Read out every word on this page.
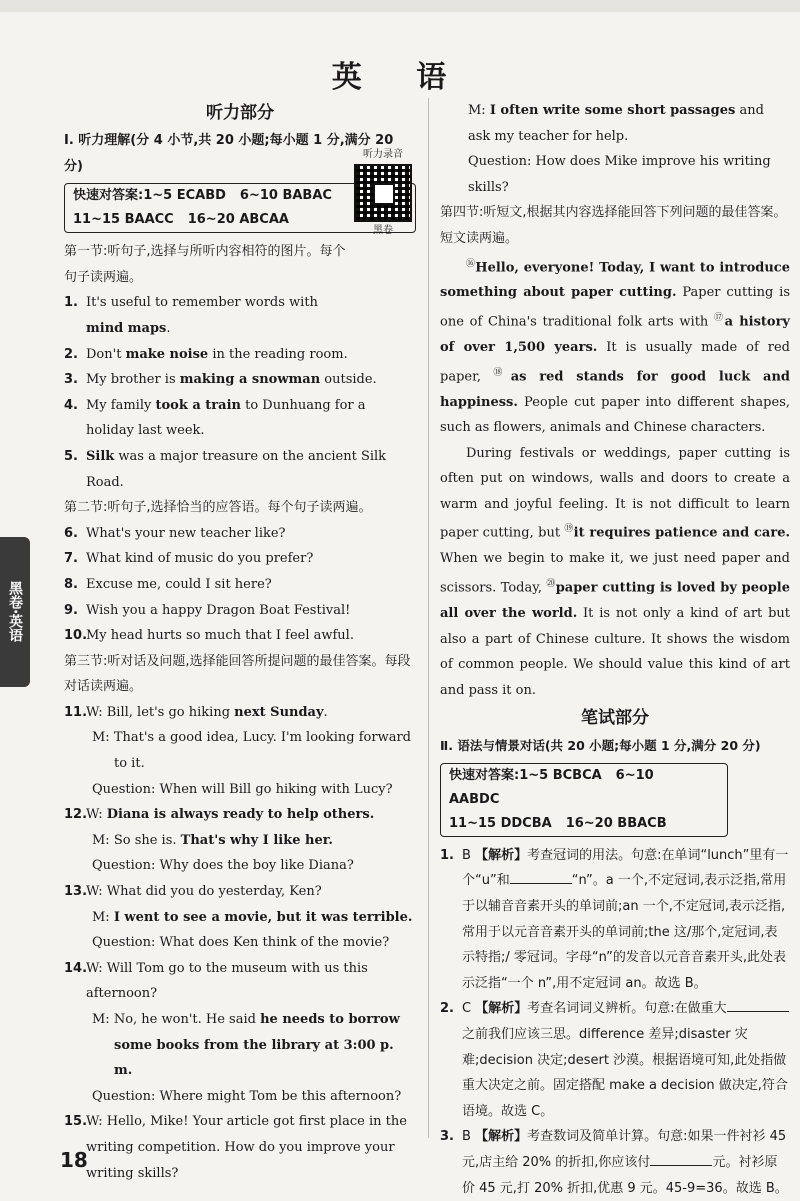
英 语
听力部分
Ⅰ. 听力理解(分 4 小节,共 20 小题;每小题 1 分,满分 20 分)
快速对答案:1~5 ECABD 6~10 BABAC
11~15 BAACC 16~20 ABCAA
第一节:听句子,选择与所听内容相符的图片。每个句子读两遍。
1. It's useful to remember words with mind maps.
2. Don't make noise in the reading room.
3. My brother is making a snowman outside.
4. My family took a train to Dunhuang for a holiday last week.
5. Silk was a major treasure on the ancient Silk Road.
第二节:听句子,选择恰当的应答语。每个句子读两遍。
6. What's your new teacher like?
7. What kind of music do you prefer?
8. Excuse me, could I sit here?
9. Wish you a happy Dragon Boat Festival!
10.
My head hurts so much that I feel awful.
第三节:听对话及问题,选择能回答所提问题的最佳答案。每段对话读两遍。
11.
W: Bill, let's go hiking next Sunday.
M: That's a good idea, Lucy. I'm looking forward to it.
Question: When will Bill go hiking with Lucy?
12.
W: Diana is always ready to help others.
M: So she is. That's why I like her.
Question: Why does the boy like Diana?
13.
W: What did you do yesterday, Ken?
M: I went to see a movie, but it was terrible.
Question: What does Ken think of the movie?
14.
W: Will Tom go to the museum with us this afternoon?
M: No, he won't. He said he needs to borrow some books from the library at 3:00 p. m.
Question: Where might Tom be this afternoon?
15.
W: Hello, Mike! Your article got first place in the writing competition. How do you improve your writing skills?
听力录音
黑卷
M: I often write some short passages and ask my teacher for help.
Question: How does Mike improve his writing skills?
第四节:听短文,根据其内容选择能回答下列问题的最佳答案。短文读两遍。
⑯Hello, everyone! Today, I want to introduce something about paper cutting. Paper cutting is one of China's traditional folk arts with ⑰a history of over 1,500 years. It is usually made of red paper, ⑱as red stands for good luck and happiness. People cut paper into different shapes, such as flowers, animals and Chinese characters.
During festivals or weddings, paper cutting is often put on windows, walls and doors to create a warm and joyful feeling. It is not difficult to learn paper cutting, but ⑲it requires patience and care. When we begin to make it, we just need paper and scissors. Today, ⑳paper cutting is loved by people all over the world. It is not only a kind of art but also a part of Chinese culture. It shows the wisdom of common people. We should value this kind of art and pass it on.
笔试部分
Ⅱ. 语法与情景对话(共 20 小题;每小题 1 分,满分 20 分)
快速对答案:1~5 BCBCA 6~10 AABDC
11~15 DDCBA 16~20 BBACB
1. B 【解析】考查冠词的用法。句意:在单词“lunch”里有一个“u”和	“n”。a 一个,不定冠词,表示泛指,常用于以辅音音素开头的单词前;an 一个,不定冠词,表示泛指,常用于以元音音素开头的单词前;the 这/那个,定冠词,表示特指;/ 零冠词。字母“n”的发音以元音音素开头,此处表示泛指“一个 n”,用不定冠词 an。故选 B。
2. C 【解析】考查名词词义辨析。句意:在做重大之前我们应该三思。difference 差异;disaster 灾难;decision 决定;desert 沙漠。根据语境可知,此处指做重大决定之前。固定搭配 make a decision 做决定,符合语境。故选 C。
3. B 【解析】考查数词及简单计算。句意:如果一件衬衫 45 元,店主给 20% 的折扣,你应该付	元。衬衫原价 45 元,打 20% 折扣,优惠 9 元。45-9=36。故选 B。
黑卷·英语
18
